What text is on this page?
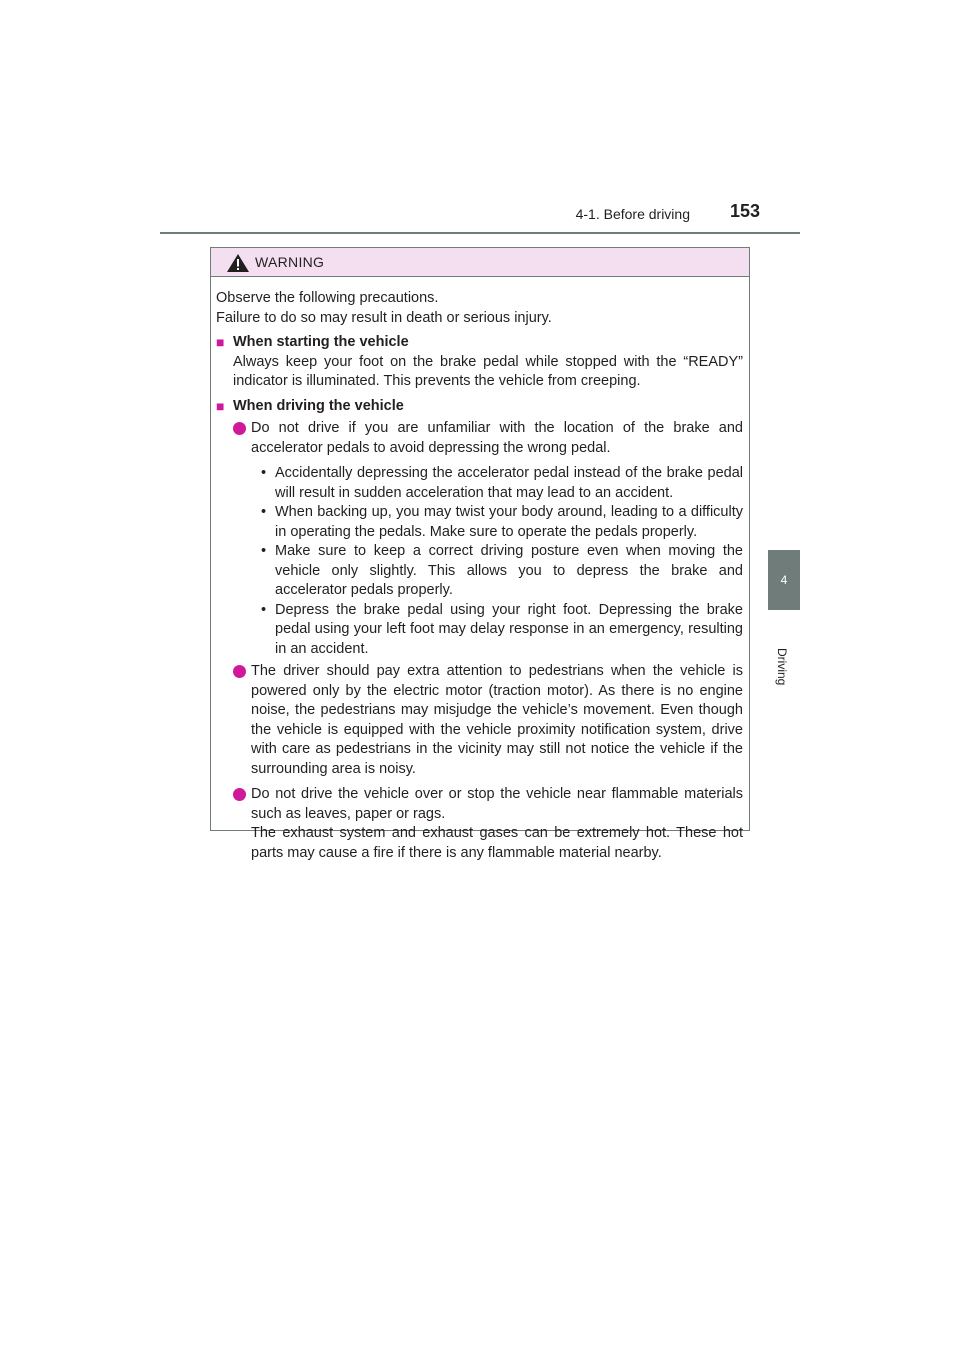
4-1. Before driving	153
4
Driving
WARNING

Observe the following precautions.

Failure to do so may result in death or serious injury.

■ When starting the vehicle

Always keep your foot on the brake pedal while stopped with the “READY” indicator is illuminated. This prevents the vehicle from creeping.

■ When driving the vehicle
Do not drive if you are unfamiliar with the location of the brake and accelerator pedals to avoid depressing the wrong pedal.
• Accidentally depressing the accelerator pedal instead of the brake pedal will result in sudden acceleration that may lead to an accident.
• When backing up, you may twist your body around, leading to a difficulty in operating the pedals. Make sure to operate the pedals properly.
• Make sure to keep a correct driving posture even when moving the vehicle only slightly. This allows you to depress the brake and accelerator pedals properly.
• Depress the brake pedal using your right foot. Depressing the brake pedal using your left foot may delay response in an emergency, resulting in an accident.
The driver should pay extra attention to pedestrians when the vehicle is powered only by the electric motor (traction motor). As there is no engine noise, the pedestrians may misjudge the vehicle’s movement. Even though the vehicle is equipped with the vehicle proximity notification system, drive with care as pedestrians in the vicinity may still not notice the vehicle if the surrounding area is noisy.
Do not drive the vehicle over or stop the vehicle near flammable materials such as leaves, paper or rags.
The exhaust system and exhaust gases can be extremely hot. These hot parts may cause a fire if there is any flammable material nearby.
